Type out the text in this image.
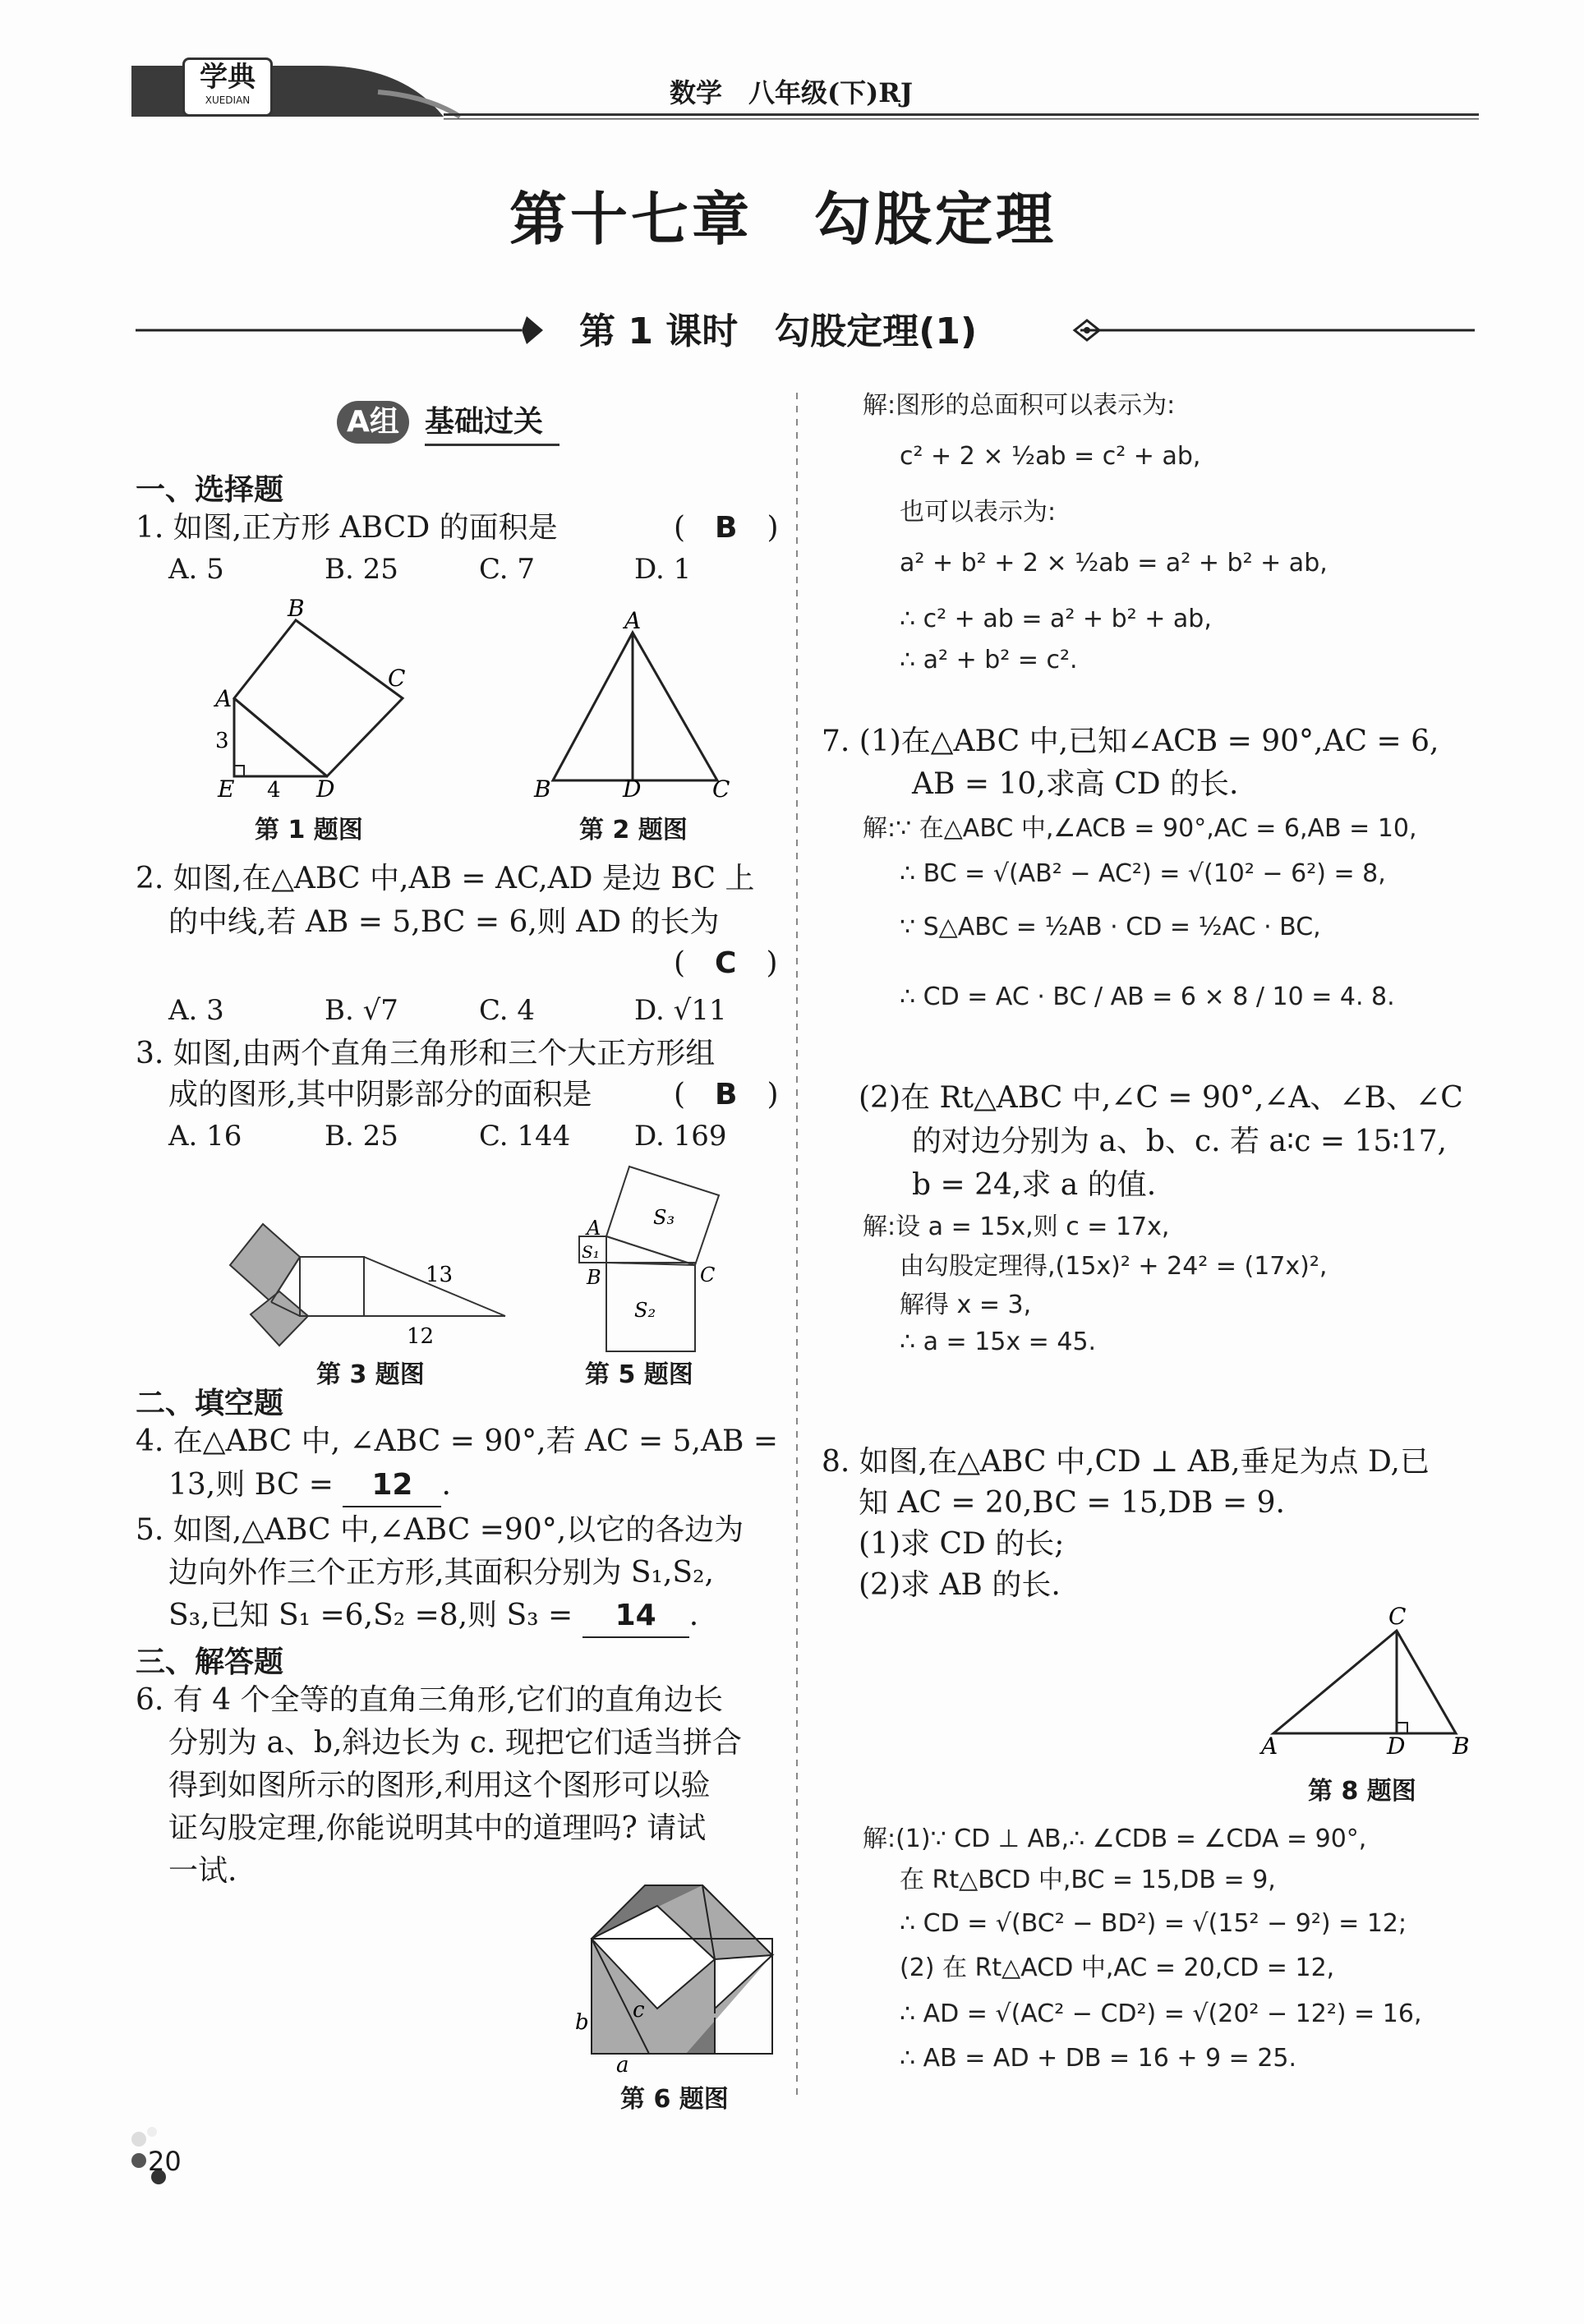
学典
XUEDIAN	数学　八年级(下)RJ
第十七章　勾股定理
第 1 课时　勾股定理(1)
A组 基础过关
一、选择题
1. 如图,正方形 ABCD 的面积是	(　B　)
A. 5	B. 25	C. 7	D. 1
B
A
C
E	D
3
4
第 1 题图
A
B	D	C
第 2 题图
2. 如图,在△ABC 中,AB = AC,AD 是边 BC 上
的中线,若 AB = 5,BC = 6,则 AD 的长为
(　C　)
A. 3	B. √7	C. 4	D. √11
3. 如图,由两个直角三角形和三个大正方形组
成的图形,其中阴影部分的面积是	(　B　)
A. 16	B. 25	C. 144 D. 169
13
12
第 3 题图
A	S₃
S₁
B	C
S₂
第 5 题图
二、填空题
4. 在△ABC 中, ∠ABC = 90°,若 AC = 5,AB =
13,则 BC = 12 .
5. 如图,△ABC 中,∠ABC =90°,以它的各边为
边向外作三个正方形,其面积分别为 S₁,S₂,
S₃,已知 S₁ =6,S₂ =8,则 S₃ = 14 .
三、解答题
6. 有 4 个全等的直角三角形,它们的直角边长
分别为 a、b,斜边长为 c. 现把它们适当拼合
得到如图所示的图形,利用这个图形可以验
证勾股定理,你能说明其中的道理吗? 请试
一试.
b c
a
第 6 题图
20
解:图形的总面积可以表示为:
c² + 2 × ½ab = c² + ab,
也可以表示为:
a² + b² + 2 × ½ab = a² + b² + ab,
∴ c² + ab = a² + b² + ab,
∴ a² + b² = c².
7. (1)在△ABC 中,已知∠ACB = 90°,AC = 6,
AB = 10,求高 CD 的长.
解:∵ 在△ABC 中,∠ACB = 90°,AC = 6,AB = 10,
∴ BC = √(AB² − AC²) = √(10² − 6²) = 8,
∵ S△ABC = ½AB · CD = ½AC · BC,
∴ CD = AC · BC / AB = 6 × 8 / 10 = 4. 8.
(2)在 Rt△ABC 中,∠C = 90°,∠A、∠B、∠C
的对边分别为 a、b、c. 若 a∶c = 15∶17,
b = 24,求 a 的值.
解:设 a = 15x,则 c = 17x,
由勾股定理得,(15x)² + 24² = (17x)²,
解得 x = 3,
∴ a = 15x = 45.
8. 如图,在△ABC 中,CD ⊥ AB,垂足为点 D,已
知 AC = 20,BC = 15,DB = 9.
(1)求 CD 的长;
(2)求 AB 的长.
C
A	D B
第 8 题图
解:(1)∵ CD ⊥ AB,∴ ∠CDB = ∠CDA = 90°,
在 Rt△BCD 中,BC = 15,DB = 9,
∴ CD = √(BC² − BD²) = √(15² − 9²) = 12;
(2) 在 Rt△ACD 中,AC = 20,CD = 12,
∴ AD = √(AC² − CD²) = √(20² − 12²) = 16,
∴ AB = AD + DB = 16 + 9 = 25.
